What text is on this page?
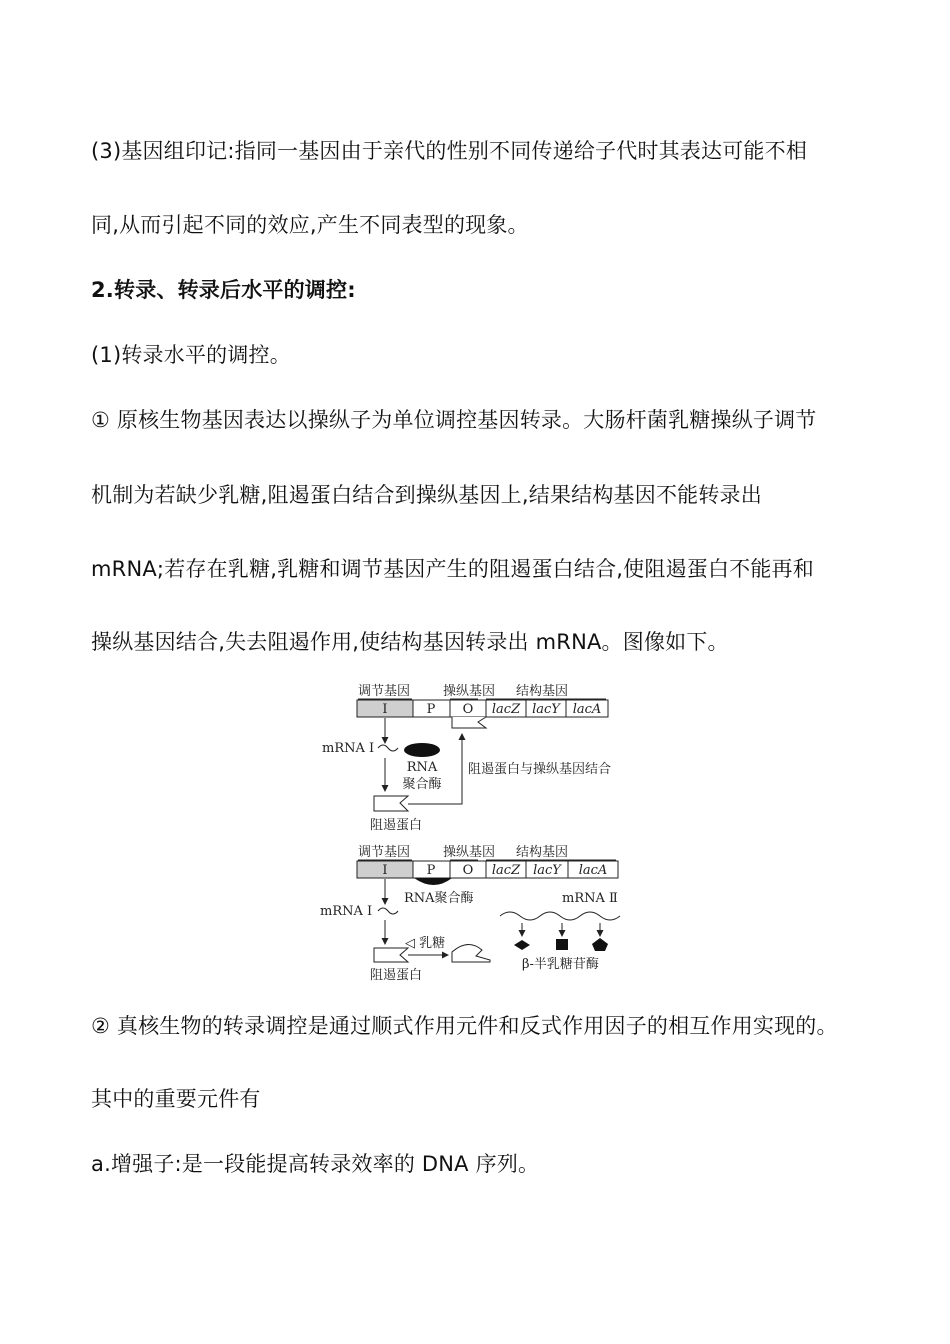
(3)基因组印记:指同一基因由于亲代的性别不同传递给子代时其表达可能不相
同,从而引起不同的效应,产生不同表型的现象。
2.转录、转录后水平的调控:
(1)转录水平的调控。
① 原核生物基因表达以操纵子为单位调控基因转录。大肠杆菌乳糖操纵子调节
机制为若缺少乳糖,阻遏蛋白结合到操纵基因上,结果结构基因不能转录出
mRNA;若存在乳糖,乳糖和调节基因产生的阻遏蛋白结合,使阻遏蛋白不能再和
操纵基因结合,失去阻遏作用,使结构基因转录出 mRNA。图像如下。
调节基因	操纵基因 结构基因
Ⅰ	P O lacZ lacY lacA
mRNA Ⅰ
RNA
聚合酶
阻遏蛋白
阻遏蛋白与操纵基因结合
调节基因	操纵基因 结构基因
Ⅰ	P O lacZ lacY lacA
RNA聚合酶
mRNA Ⅰ
阻遏蛋白
◁ 乳糖
mRNA Ⅱ
β-半乳糖苷酶
② 真核生物的转录调控是通过顺式作用元件和反式作用因子的相互作用实现的。
其中的重要元件有
a.增强子:是一段能提高转录效率的 DNA 序列。
